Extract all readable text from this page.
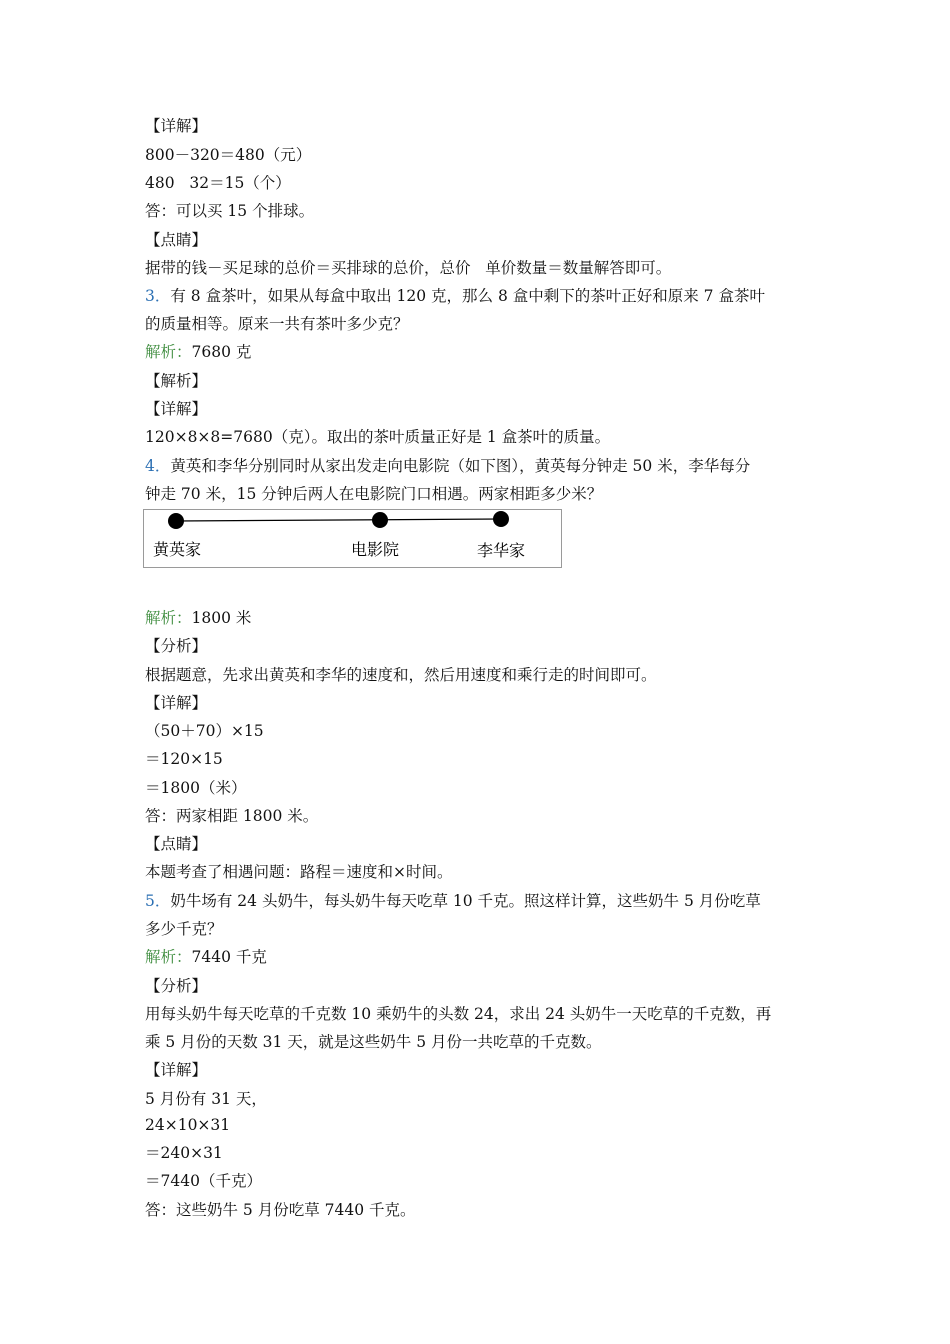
【详解】
800－320＝480（元）
480   32＝15（个）
答：可以买 15 个排球。
【点睛】
据带的钱－买足球的总价＝买排球的总价，总价   单价数量＝数量解答即可。
3．有 8 盒茶叶，如果从每盒中取出 120 克，那么 8 盒中剩下的茶叶正好和原来 7 盒茶叶
的质量相等。原来一共有茶叶多少克？
解析：7680 克
【解析】
【详解】
120×8×8=7680（克）。取出的茶叶质量正好是 1 盒茶叶的质量。
4．黄英和李华分别同时从家出发走向电影院（如下图），黄英每分钟走 50 米，李华每分
钟走 70 米，15 分钟后两人在电影院门口相遇。两家相距多少米？
黄英家	电影院	李华家
解析：1800 米
【分析】
根据题意，先求出黄英和李华的速度和，然后用速度和乘行走的时间即可。
【详解】
（50＋70）×15
＝120×15
＝1800（米）
答：两家相距 1800 米。
【点睛】
本题考查了相遇问题：路程＝速度和×时间。
5．奶牛场有 24 头奶牛，每头奶牛每天吃草 10 千克。照这样计算，这些奶牛 5 月份吃草
多少千克？
解析：7440 千克
【分析】
用每头奶牛每天吃草的千克数 10 乘奶牛的头数 24，求出 24 头奶牛一天吃草的千克数，再
乘 5 月份的天数 31 天，就是这些奶牛 5 月份一共吃草的千克数。
【详解】
5 月份有 31 天，
24×10×31
＝240×31
＝7440（千克）
答：这些奶牛 5 月份吃草 7440 千克。
